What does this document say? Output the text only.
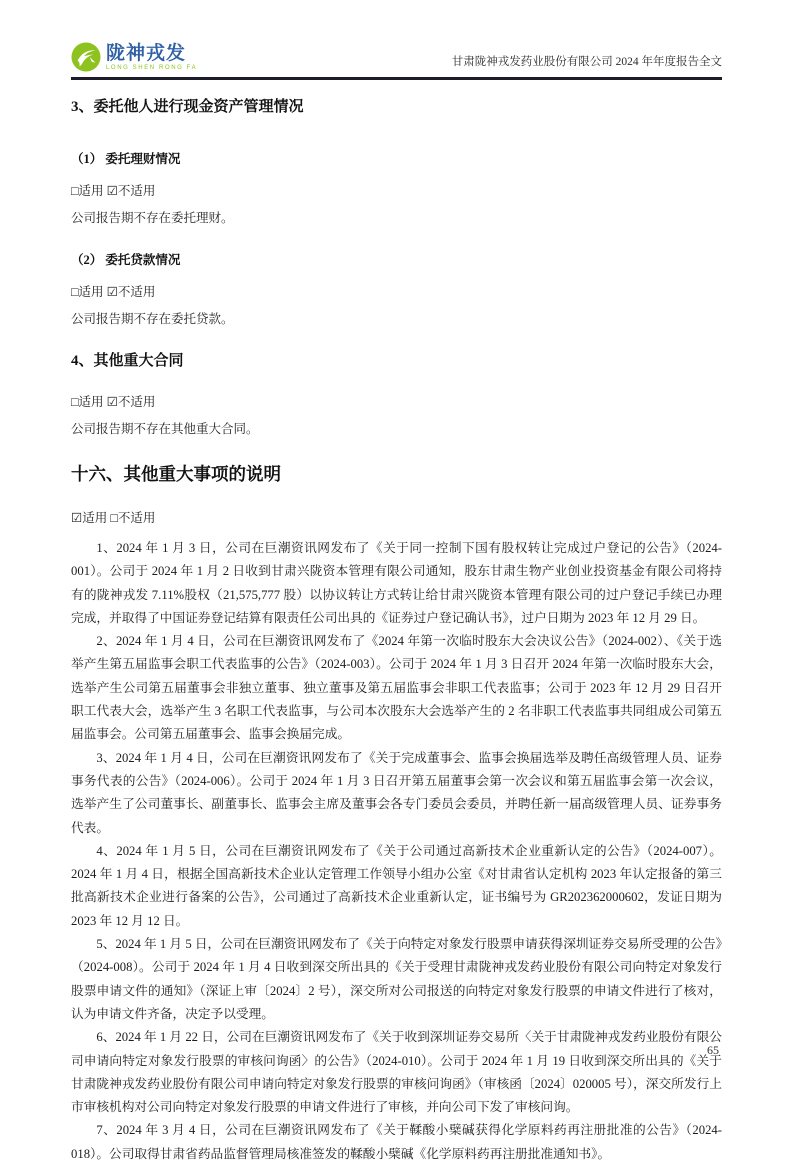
陇神戎发
LONG SHEN RONG FA	甘肃陇神戎发药业股份有限公司 2024 年年度报告全文
3、委托他人进行现金资产管理情况
（1） 委托理财情况
□适用 ☑不适用
公司报告期不存在委托理财。
（2） 委托贷款情况
□适用 ☑不适用
公司报告期不存在委托贷款。
4、其他重大合同
□适用 ☑不适用
公司报告期不存在其他重大合同。
十六、其他重大事项的说明
☑适用 □不适用

1、2024 年 1 月 3 日，公司在巨潮资讯网发布了《关于同一控制下国有股权转让完成过户登记的公告》（2024-001）。公司于 2024 年 1 月 2 日收到甘肃兴陇资本管理有限公司通知，股东甘肃生物产业创业投资基金有限公司将持有的陇神戎发 7.11%股权（21,575,777 股）以协议转让方式转让给甘肃兴陇资本管理有限公司的过户登记手续已办理完成，并取得了中国证券登记结算有限责任公司出具的《证券过户登记确认书》，过户日期为 2023 年 12 月 29 日。

2、2024 年 1 月 4 日，公司在巨潮资讯网发布了《2024 年第一次临时股东大会决议公告》（2024-002）、《关于选举产生第五届监事会职工代表监事的公告》（2024-003）。公司于 2024 年 1 月 3 日召开 2024 年第一次临时股东大会，选举产生公司第五届董事会非独立董事、独立董事及第五届监事会非职工代表监事；公司于 2023 年 12 月 29 日召开职工代表大会，选举产生 3 名职工代表监事，与公司本次股东大会选举产生的 2 名非职工代表监事共同组成公司第五届监事会。公司第五届董事会、监事会换届完成。

3、2024 年 1 月 4 日，公司在巨潮资讯网发布了《关于完成董事会、监事会换届选举及聘任高级管理人员、证券事务代表的公告》（2024-006）。公司于 2024 年 1 月 3 日召开第五届董事会第一次会议和第五届监事会第一次会议，选举产生了公司董事长、副董事长、监事会主席及董事会各专门委员会委员，并聘任新一届高级管理人员、证券事务代表。

4、2024 年 1 月 5 日，公司在巨潮资讯网发布了《关于公司通过高新技术企业重新认定的公告》（2024-007）。2024 年 1 月 4 日，根据全国高新技术企业认定管理工作领导小组办公室《对甘肃省认定机构 2023 年认定报备的第三批高新技术企业进行备案的公告》，公司通过了高新技术企业重新认定，证书编号为 GR202362000602，发证日期为 2023 年 12 月 12 日。

5、2024 年 1 月 5 日，公司在巨潮资讯网发布了《关于向特定对象发行股票申请获得深圳证券交易所受理的公告》（2024-008）。公司于 2024 年 1 月 4 日收到深交所出具的《关于受理甘肃陇神戎发药业股份有限公司向特定对象发行股票申请文件的通知》（深证上审〔2024〕2 号），深交所对公司报送的向特定对象发行股票的申请文件进行了核对，认为申请文件齐备，决定予以受理。

6、2024 年 1 月 22 日，公司在巨潮资讯网发布了《关于收到深圳证券交易所〈关于甘肃陇神戎发药业股份有限公司申请向特定对象发行股票的审核问询函〉的公告》（2024-010）。公司于 2024 年 1 月 19 日收到深交所出具的《关于甘肃陇神戎发药业股份有限公司申请向特定对象发行股票的审核问询函》（审核函〔2024〕020005 号），深交所发行上市审核机构对公司向特定对象发行股票的申请文件进行了审核，并向公司下发了审核问询。

7、2024 年 3 月 4 日，公司在巨潮资讯网发布了《关于鞣酸小檗碱获得化学原料药再注册批准的公告》（2024-018）。公司取得甘肃省药品监督管理局核准签发的鞣酸小檗碱《化学原料药再注册批准通知书》。

65
